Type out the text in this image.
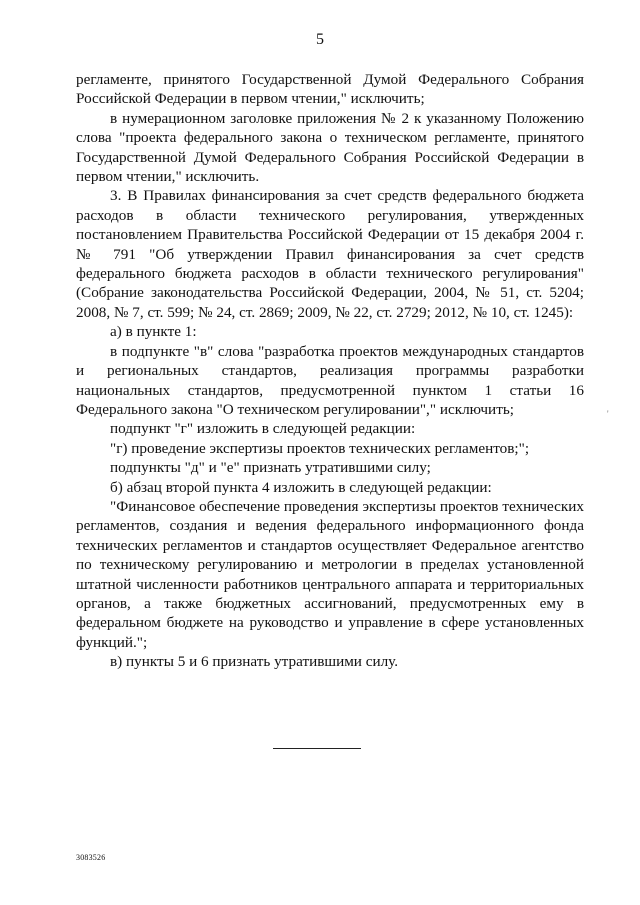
5

регламенте, принятого Государственной Думой Федерального Собрания Российской Федерации в первом чтении," исключить;

в нумерационном заголовке приложения № 2 к указанному Положению слова "проекта федерального закона о техническом регламенте, принятого Государственной Думой Федерального Собрания Российской Федерации в первом чтении," исключить.

3. В Правилах финансирования за счет средств федерального бюджета расходов в области технического регулирования, утвержденных постановлением Правительства Российской Федерации от 15 декабря 2004 г. № 791 "Об утверждении Правил финансирования за счет средств федерального бюджета расходов в области технического регулирования" (Собрание законодательства Российской Федерации, 2004, № 51, ст. 5204; 2008, № 7, ст. 599; № 24, ст. 2869; 2009, № 22, ст. 2729; 2012, № 10, ст. 1245):

а) в пункте 1:

в подпункте "в" слова "разработка проектов международных стандартов и региональных стандартов, реализация программы разработки национальных стандартов, предусмотренной пунктом 1 статьи 16 Федерального закона "О техническом регулировании"," исключить;

подпункт "г" изложить в следующей редакции:

"г) проведение экспертизы проектов технических регламентов;";

подпункты "д" и "е" признать утратившими силу;

б) абзац второй пункта 4 изложить в следующей редакции:

"Финансовое обеспечение проведения экспертизы проектов технических регламентов, создания и ведения федерального информационного фонда технических регламентов и стандартов осуществляет Федеральное агентство по техническому регулированию и метрологии в пределах установленной штатной численности работников центрального аппарата и территориальных органов, а также бюджетных ассигнований, предусмотренных ему в федеральном бюджете на руководство и управление в сфере установленных функций.";

в) пункты 5 и 6 признать утратившими силу.

'
3083526
